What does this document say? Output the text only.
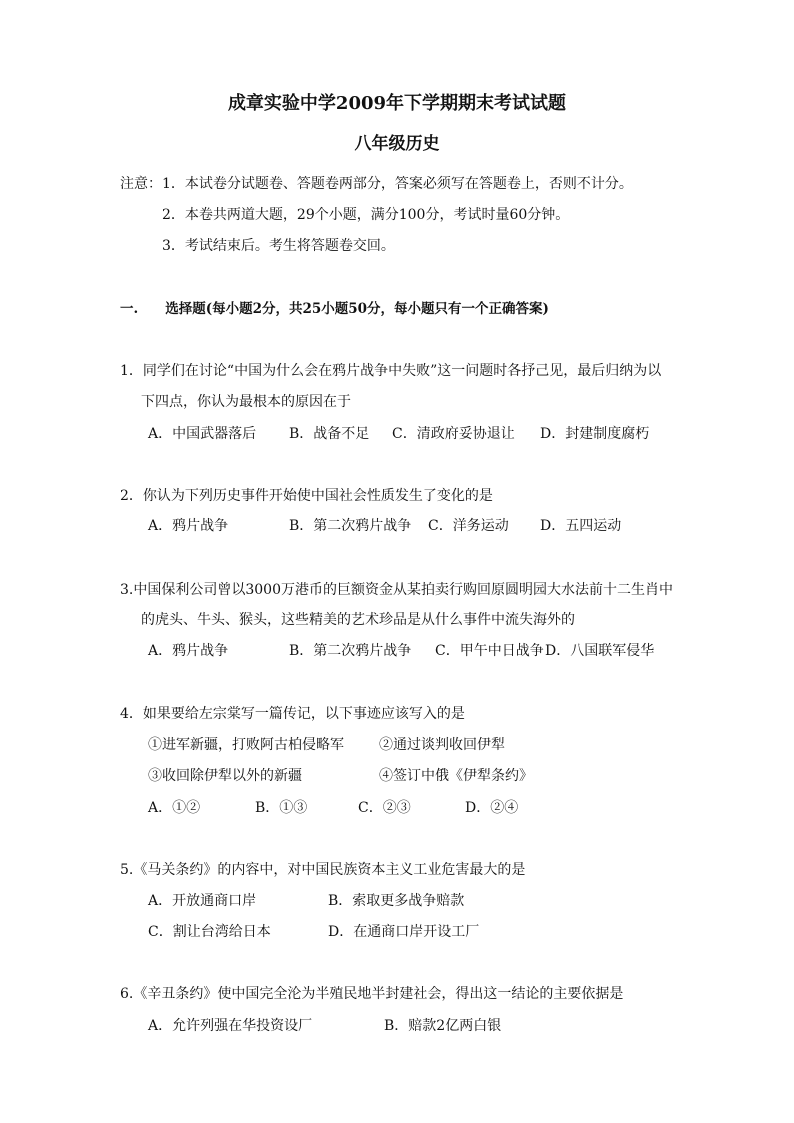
成章实验中学2009年下学期期末考试试题
八年级历史
注意：1．本试卷分试题卷、答题卷两部分，答案必须写在答题卷上，否则不计分。
2．本卷共两道大题，29个小题，满分100分，考试时量60分钟。
3．考试结束后。考生将答题卷交回。
一.　　选择题(每小题2分，共25小题50分，每小题只有一个正确答案)
1．同学们在讨论“中国为什么会在鸦片战争中失败”这一问题时各抒己见，最后归纳为以
下四点，你认为最根本的原因在于
A．中国武器落后 B．战备不足 C．清政府妥协退让 D．封建制度腐朽
2．你认为下列历史事件开始使中国社会性质发生了变化的是
A．鸦片战争	B．第二次鸦片战争 C．洋务运动 D．五四运动
3.中国保利公司曾以3000万港币的巨额资金从某拍卖行购回原圆明园大水法前十二生肖中
的虎头、牛头、猴头，这些精美的艺术珍品是从什么事件中流失海外的
A．鸦片战争	B．第二次鸦片战争 C．甲午中日战争 D．八国联军侵华
4．如果要给左宗棠写一篇传记，以下事迹应该写入的是
①进军新疆，打败阿古柏侵略军	②通过谈判收回伊犁
③收回除伊犁以外的新疆	④签订中俄《伊犁条约》
A．①②	B．①③	C．②③	D．②④
5.《马关条约》的内容中，对中国民族资本主义工业危害最大的是
A．开放通商口岸	B．索取更多战争赔款
C．割让台湾给日本	D．在通商口岸开设工厂
6.《辛丑条约》使中国完全沦为半殖民地半封建社会，得出这一结论的主要依据是
A．允许列强在华投资设厂	B．赔款2亿两白银
